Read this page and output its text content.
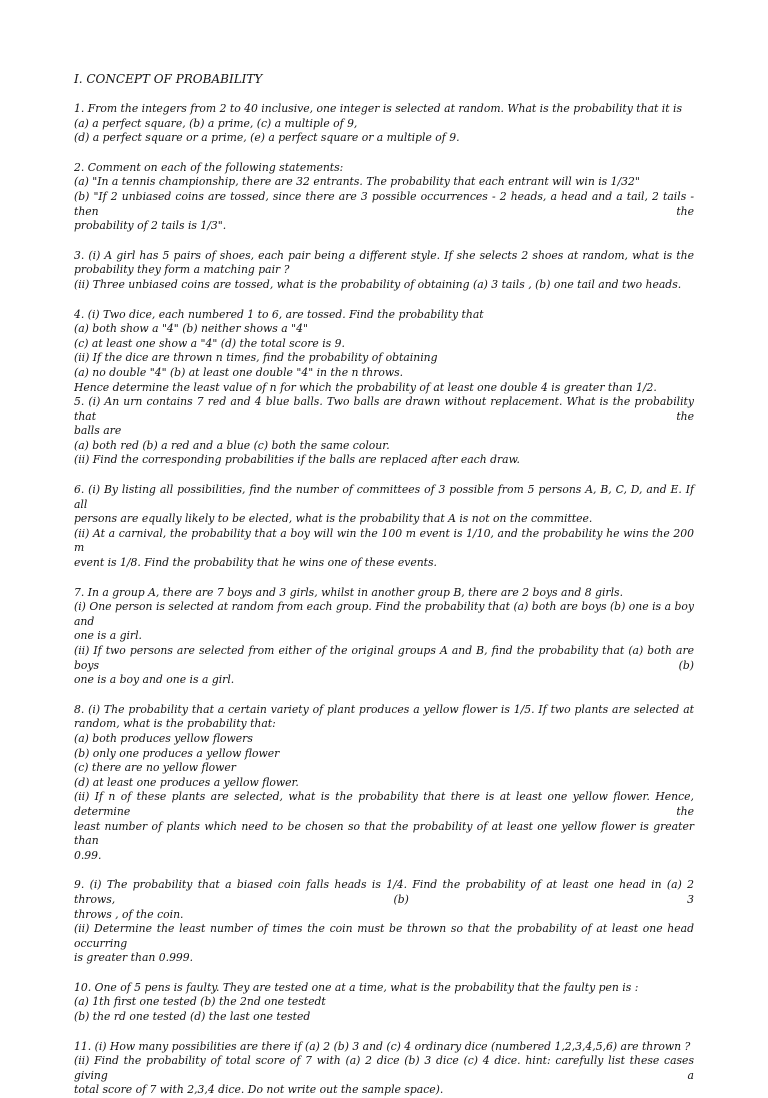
I. CONCEPT OF PROBABILITY
1. From the integers from 2 to 40 inclusive, one integer is selected at random. What is the probability that it is
(a) a perfect square, (b) a prime, (c) a multiple of 9,
(d) a perfect square or a prime, (e) a perfect square or a multiple of 9.
2. Comment on each of the following statements:
(a) "In a tennis championship, there are 32 entrants. The probability that each entrant will win is 1/32"
(b) "If 2 unbiased coins are tossed, since there are 3 possible occurrences - 2 heads, a head and a tail, 2 tails - then the
probability of 2 tails is 1/3".
3. (i) A girl has 5 pairs of shoes, each pair being a different style. If she selects 2 shoes at random, what is the
probability they form a matching pair ?
(ii) Three unbiased coins are tossed, what is the probability of obtaining (a) 3 tails , (b) one tail and two heads.
4. (i) Two dice, each numbered 1 to 6, are tossed. Find the probability that
(a) both show a "4" (b) neither shows a "4"
(c) at least one show a "4" (d) the total score is 9.
(ii) If the dice are thrown n times, find the probability of obtaining
(a) no double "4" (b) at least one double "4" in the n throws.
Hence determine the least value of n for which the probability of at least one double 4 is greater than 1/2.
5. (i) An urn contains 7 red and 4 blue balls. Two balls are drawn without replacement. What is the probability that the
balls are
(a) both red (b) a red and a blue (c) both the same colour.
(ii) Find the corresponding probabilities if the balls are replaced after each draw.
6. (i) By listing all possibilities, find the number of committees of 3 possible from 5 persons A, B, C, D, and E. If all
persons are equally likely to be elected, what is the probability that A is not on the committee.
(ii) At a carnival, the probability that a boy will win the 100 m event is 1/10, and the probability he wins the 200 m
event is 1/8. Find the probability that he wins one of these events.
7. In a group A, there are 7 boys and 3 girls, whilst in another group B, there are 2 boys and 8 girls.
(i) One person is selected at random from each group. Find the probability that (a) both are boys (b) one is a boy and
one is a girl.
(ii) If two persons are selected from either of the original groups A and B, find the probability that (a) both are boys (b)
one is a boy and one is a girl.
8. (i) The probability that a certain variety of plant produces a yellow flower is 1/5. If two plants are selected at
random, what is the probability that:
(a) both produces yellow flowers
(b) only one produces a yellow flower
(c) there are no yellow flower
(d) at least one produces a yellow flower.
(ii) If n of these plants are selected, what is the probability that there is at least one yellow flower. Hence, determine the
least number of plants which need to be chosen so that the probability of at least one yellow flower is greater than
0.99.
9. (i) The probability that a biased coin falls heads is 1/4. Find the probability of at least one head in (a) 2 throws, (b) 3
throws , of the coin.
(ii) Determine the least number of times the coin must be thrown so that the probability of at least one head occurring
is greater than 0.999.
10. One of 5 pens is faulty. They are tested one at a time, what is the probability that the faulty pen is :
(a) 1th first one tested (b) the 2nd one testedt
(b) the rd one tested (d) the last one tested
11. (i) How many possibilities are there if (a) 2 (b) 3 and (c) 4 ordinary dice (numbered 1,2,3,4,5,6) are thrown ?
(ii) Find the probability of total score of 7 with (a) 2 dice (b) 3 dice (c) 4 dice. hint: carefully list these cases giving a
total score of 7 with 2,3,4 dice. Do not write out the sample space).
